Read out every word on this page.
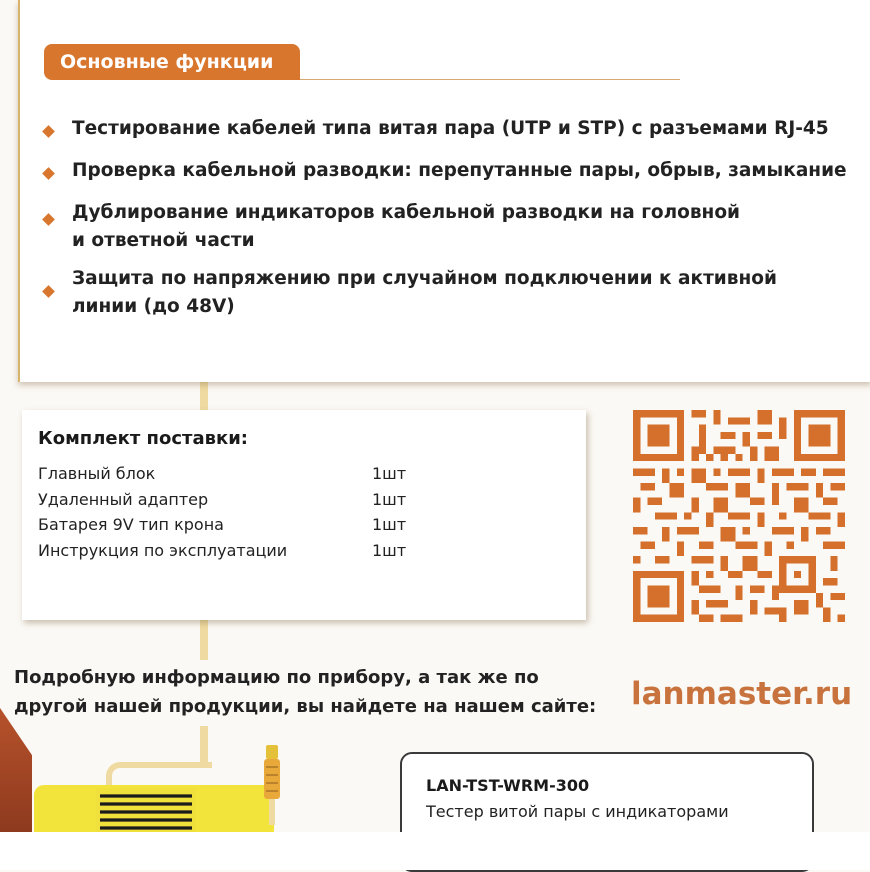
Основные функции
Тестирование кабелей типа витая пара (UTP и STP) с разъемами RJ-45
Проверка кабельной разводки: перепутанные пары, обрыв, замыкание
Дублирование индикаторов кабельной разводки на головной
и ответной части
Защита по напряжению при случайном подключении к активной
линии (до 48V)
Комплект поставки:
Главный блок	1шт
Удаленный адаптер	1шт
Батарея 9V тип крона	1шт
Инструкция по эксплуатации	1шт
Подробную информацию по прибору, а так же по
другой нашей продукции, вы найдете на нашем сайте: lanmaster.ru
LAN-TST-WRM-300
Тестер витой пары с индикаторами
